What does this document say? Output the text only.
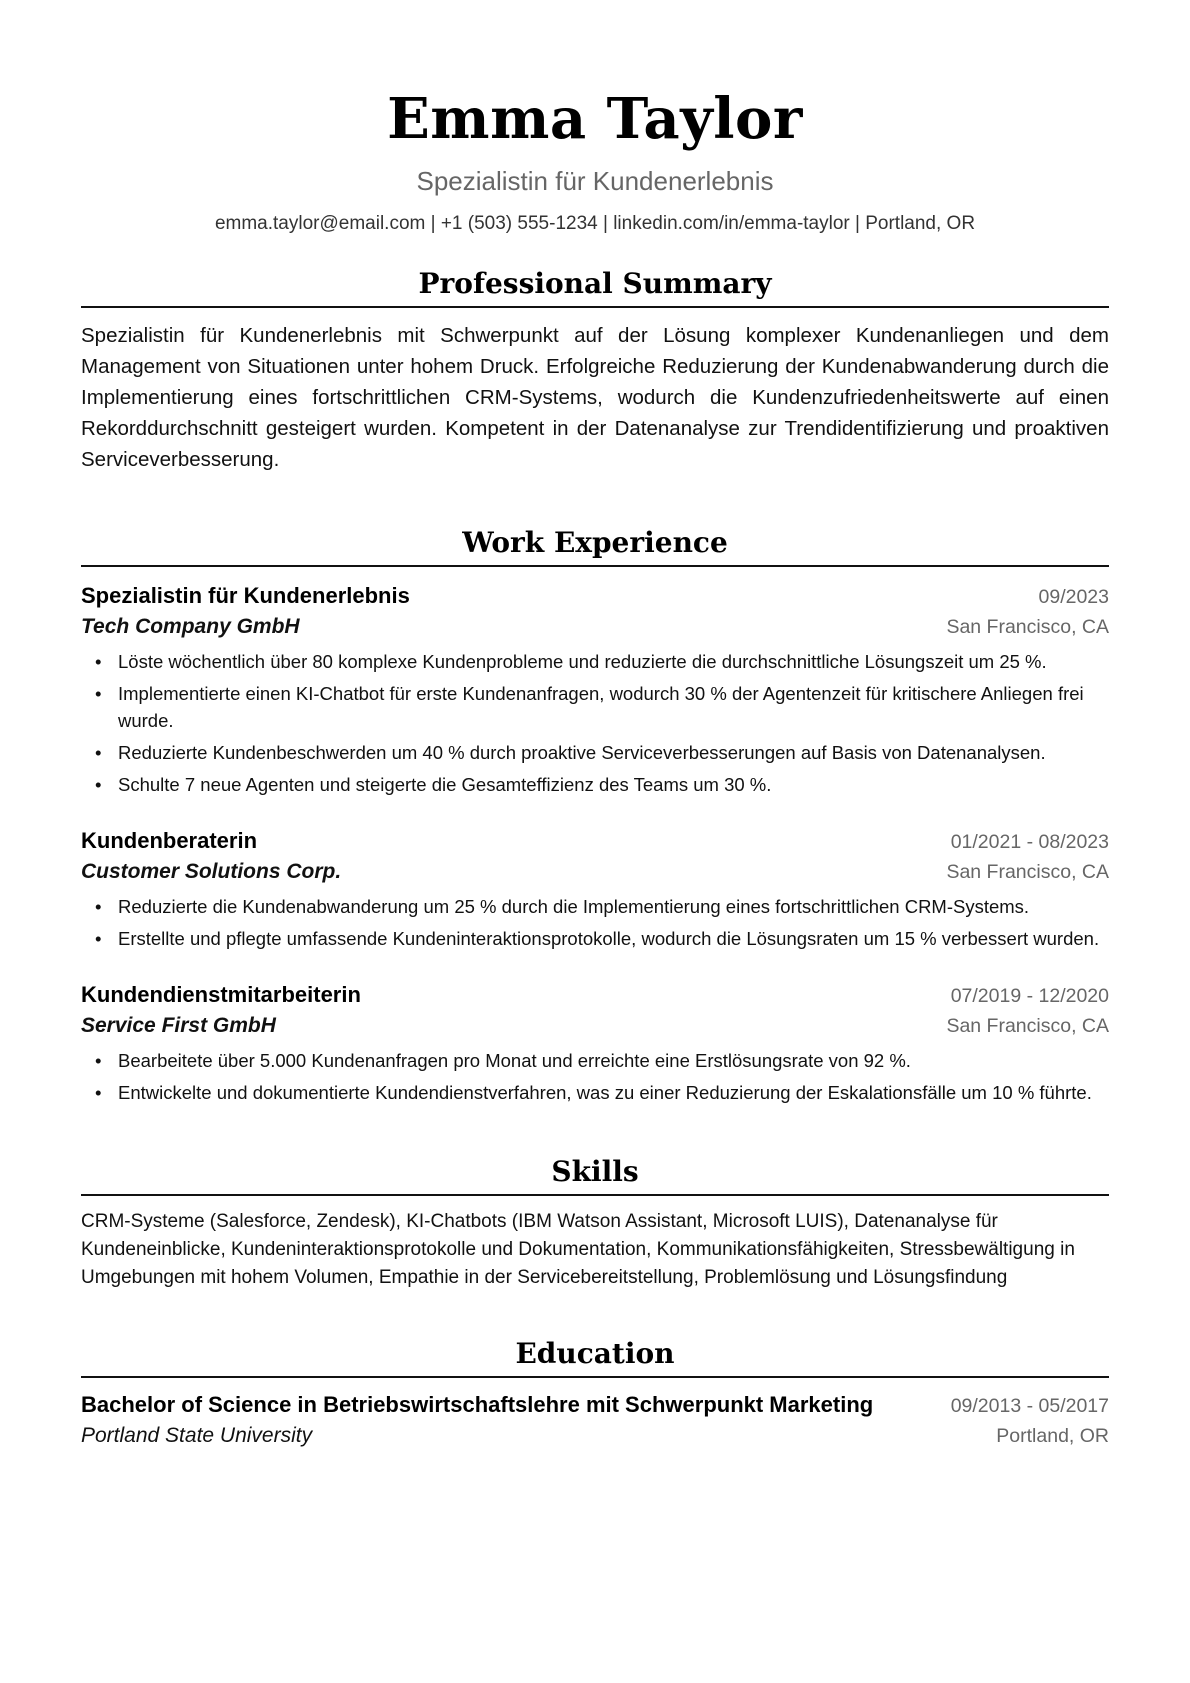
Emma Taylor
Spezialistin für Kundenerlebnis
emma.taylor@email.com | +1 (503) 555-1234 | linkedin.com/in/emma-taylor | Portland, OR
Professional Summary
Spezialistin für Kundenerlebnis mit Schwerpunkt auf der Lösung komplexer Kundenanliegen und dem Management von Situationen unter hohem Druck. Erfolgreiche Reduzierung der Kundenabwanderung durch die Implementierung eines fortschrittlichen CRM-Systems, wodurch die Kundenzufriedenheitswerte auf einen Rekorddurchschnitt gesteigert wurden. Kompetent in der Datenanalyse zur Trendidentifizierung und proaktiven Serviceverbesserung.
Work Experience
Spezialistin für Kundenerlebnis	09/2023
Tech Company GmbH	San Francisco, CA
• Löste wöchentlich über 80 komplexe Kundenprobleme und reduzierte die durchschnittliche Lösungszeit um 25 %.
• Implementierte einen KI-Chatbot für erste Kundenanfragen, wodurch 30 % der Agentenzeit für kritischere Anliegen frei wurde.
• Reduzierte Kundenbeschwerden um 40 % durch proaktive Serviceverbesserungen auf Basis von Datenanalysen.
• Schulte 7 neue Agenten und steigerte die Gesamteffizienz des Teams um 30 %.
Kundenberaterin	01/2021 - 08/2023
Customer Solutions Corp.	San Francisco, CA
• Reduzierte die Kundenabwanderung um 25 % durch die Implementierung eines fortschrittlichen CRM-Systems.
• Erstellte und pflegte umfassende Kundeninteraktionsprotokolle, wodurch die Lösungsraten um 15 % verbessert wurden.
Kundendienstmitarbeiterin	07/2019 - 12/2020
Service First GmbH	San Francisco, CA
• Bearbeitete über 5.000 Kundenanfragen pro Monat und erreichte eine Erstlösungsrate von 92 %.
• Entwickelte und dokumentierte Kundendienstverfahren, was zu einer Reduzierung der Eskalationsfälle um 10 % führte.
Skills
CRM-Systeme (Salesforce, Zendesk), KI-Chatbots (IBM Watson Assistant, Microsoft LUIS), Datenanalyse für Kundeneinblicke, Kundeninteraktionsprotokolle und Dokumentation, Kommunikationsfähigkeiten, Stressbewältigung in Umgebungen mit hohem Volumen, Empathie in der Servicebereitstellung, Problemlösung und Lösungsfindung
Education
Bachelor of Science in Betriebswirtschaftslehre mit Schwerpunkt Marketing	09/2013 - 05/2017
Portland State University	Portland, OR
